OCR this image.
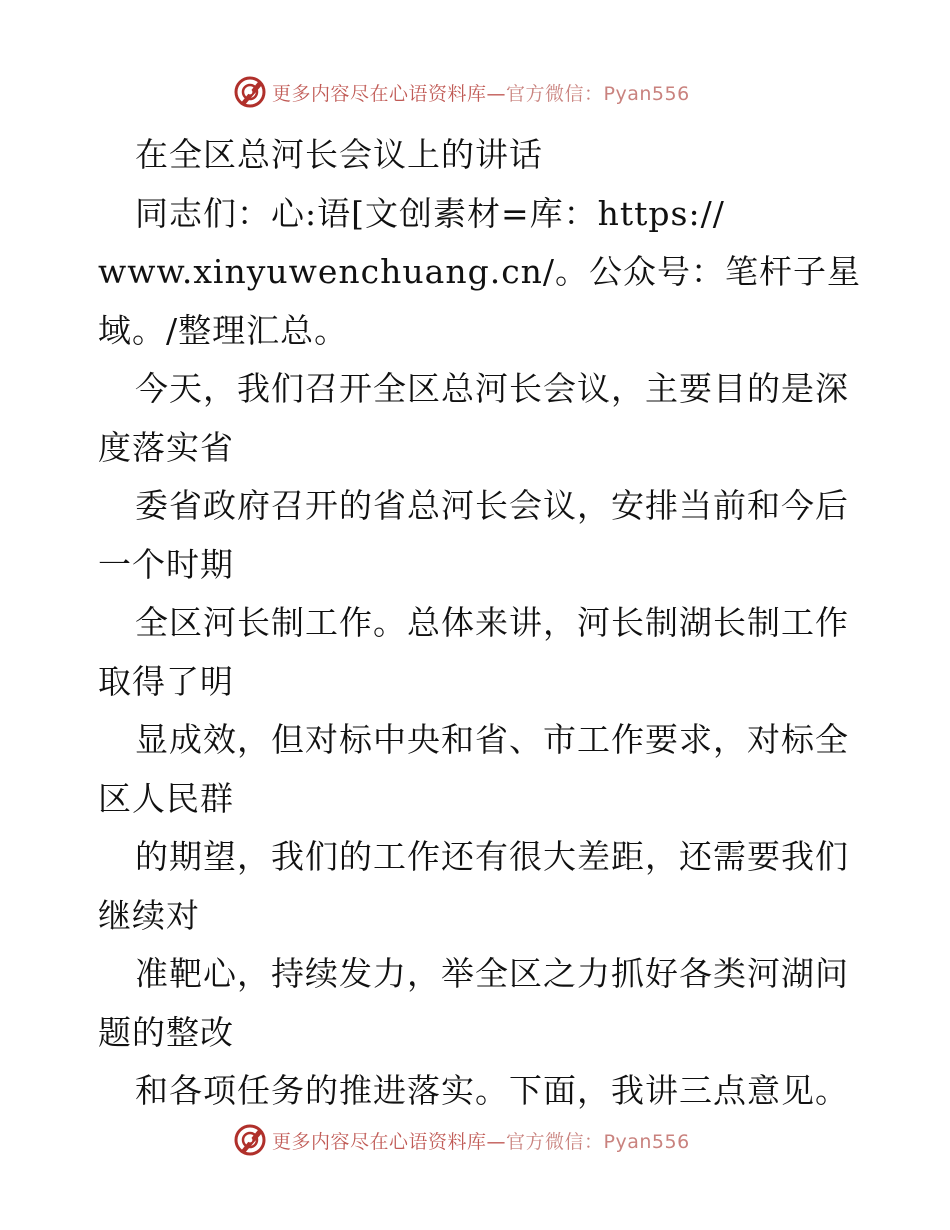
更多内容尽在心语资料库—官方微信：Pyan556
在全区总河长会议上的讲话
同志们：心:语[文创素材=库：https://
www.xinyuwenchuang.cn/。公众号：笔杆子星
域。/整理汇总。
今天，我们召开全区总河长会议，主要目的是深
度落实省
委省政府召开的省总河长会议，安排当前和今后
一个时期
全区河长制工作。总体来讲，河长制湖长制工作
取得了明
显成效，但对标中央和省、市工作要求，对标全
区人民群
的期望，我们的工作还有很大差距，还需要我们
继续对
准靶心，持续发力，举全区之力抓好各类河湖问
题的整改
和各项任务的推进落实。下面，我讲三点意见。
更多内容尽在心语资料库—官方微信：Pyan556
